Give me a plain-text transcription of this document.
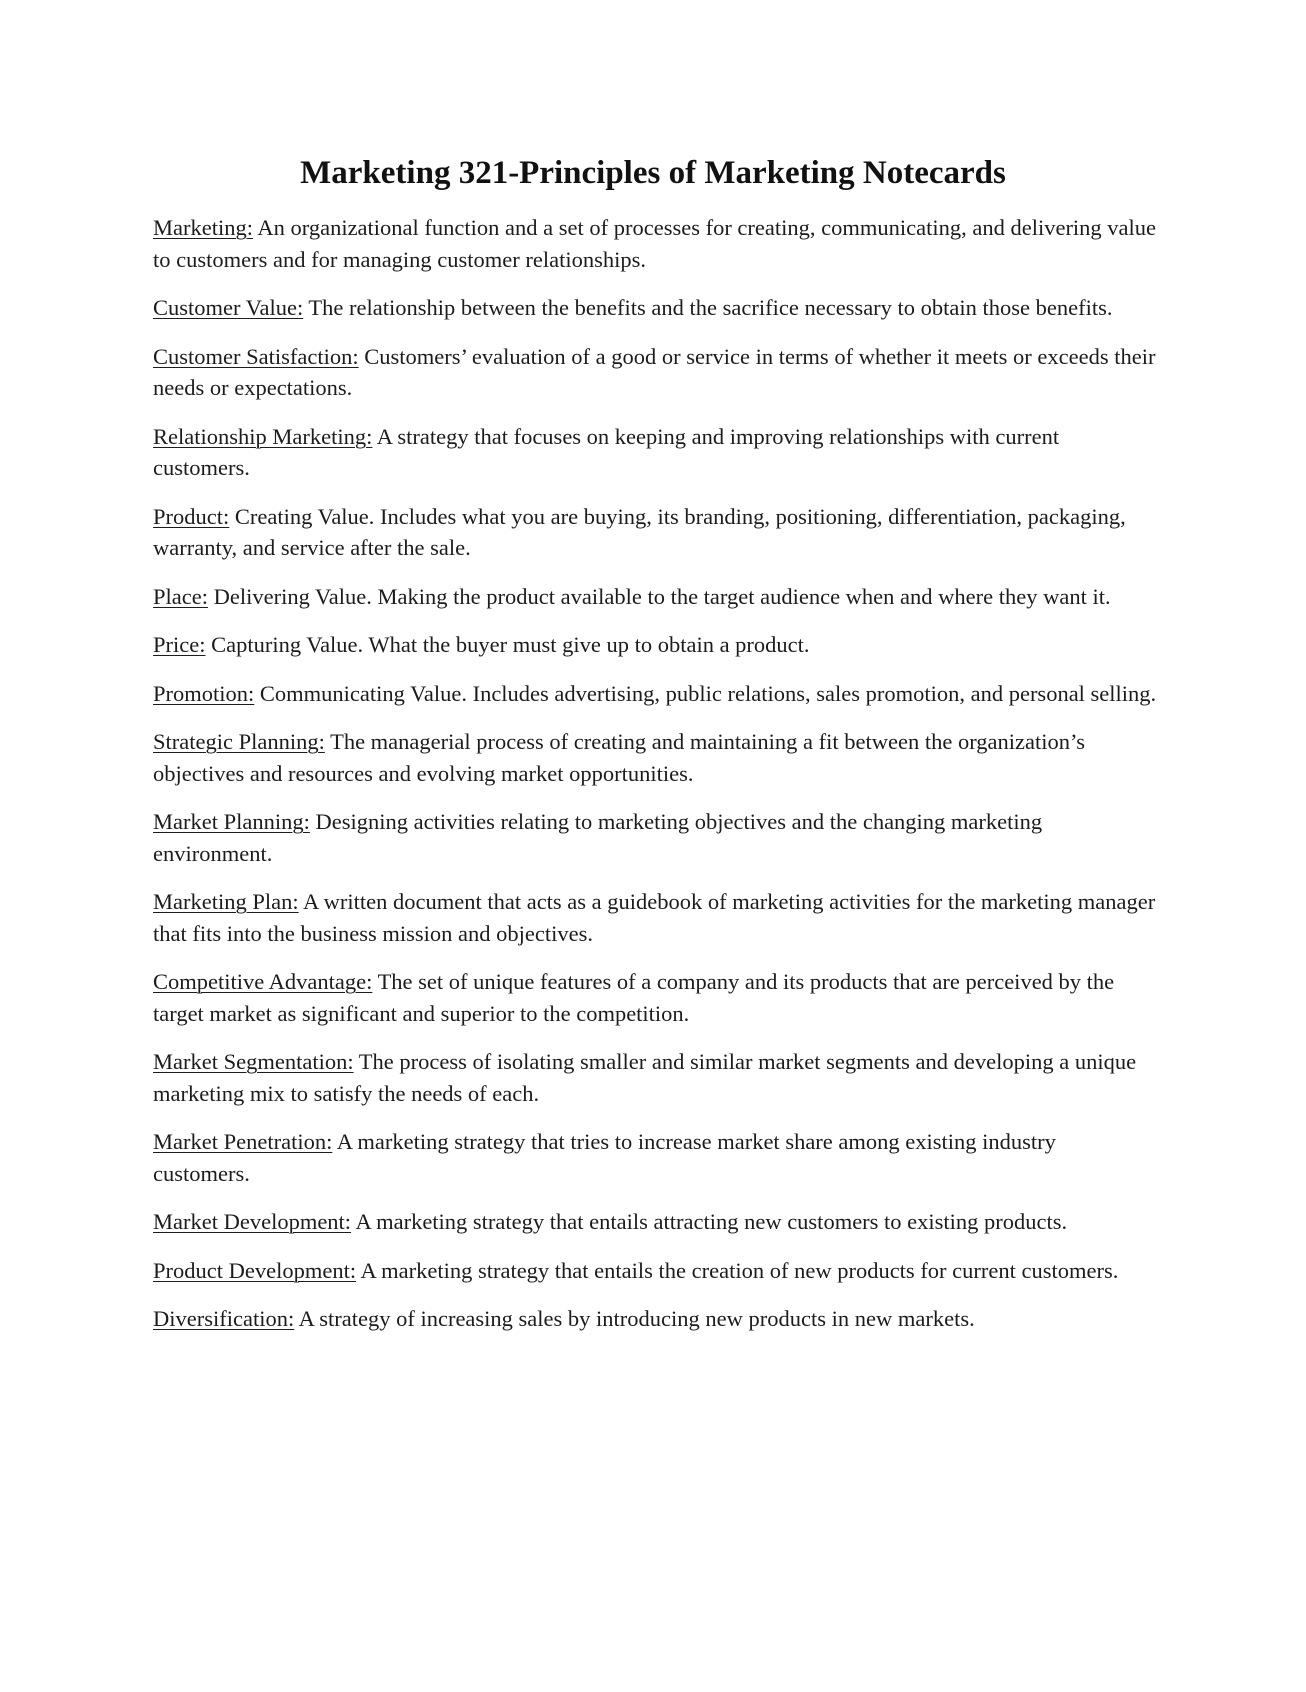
Marketing 321-Principles of Marketing Notecards

Marketing: An organizational function and a set of processes for creating, communicating, and delivering value to customers and for managing customer relationships.

Customer Value: The relationship between the benefits and the sacrifice necessary to obtain those benefits.

Customer Satisfaction: Customers’ evaluation of a good or service in terms of whether it meets or exceeds their needs or expectations.

Relationship Marketing: A strategy that focuses on keeping and improving relationships with current customers.

Product: Creating Value. Includes what you are buying, its branding, positioning, differentiation, packaging, warranty, and service after the sale.

Place: Delivering Value. Making the product available to the target audience when and where they want it.

Price: Capturing Value. What the buyer must give up to obtain a product.

Promotion: Communicating Value. Includes advertising, public relations, sales promotion, and personal selling.

Strategic Planning: The managerial process of creating and maintaining a fit between the organization’s objectives and resources and evolving market opportunities.

Market Planning: Designing activities relating to marketing objectives and the changing marketing environment.

Marketing Plan: A written document that acts as a guidebook of marketing activities for the marketing manager that fits into the business mission and objectives.

Competitive Advantage: The set of unique features of a company and its products that are perceived by the target market as significant and superior to the competition.

Market Segmentation: The process of isolating smaller and similar market segments and developing a unique marketing mix to satisfy the needs of each.

Market Penetration: A marketing strategy that tries to increase market share among existing industry customers.

Market Development: A marketing strategy that entails attracting new customers to existing products.

Product Development: A marketing strategy that entails the creation of new products for current customers.

Diversification: A strategy of increasing sales by introducing new products in new markets.
